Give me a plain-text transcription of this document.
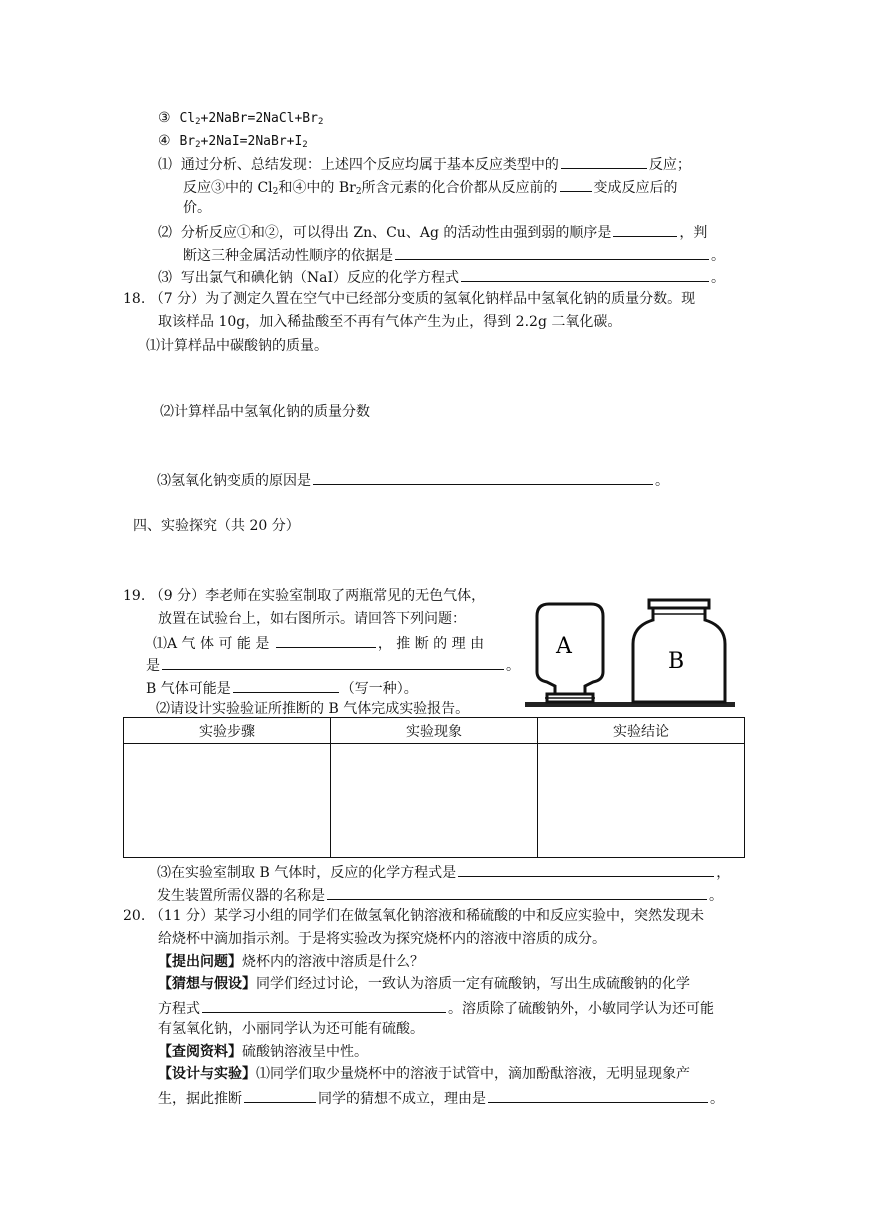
③ $Cl_2+2NaBr=2NaCl+Br_2$
④ $Br_2+2NaI=2NaBr+I_2$
⑴ 通过分析、总结发现：上述四个反应均属于基本反应类型中的	反应；
反应③中的 $Cl_2$和④中的 $Br_2$所含元素的化合价都从反应前的	变成反应后的
价。
⑵ 分析反应①和②，可以得出 Zn、Cu、Ag 的活动性由强到弱的顺序是	，判
断这三种金属活动性顺序的依据是	。
⑶ 写出氯气和碘化钠（NaI）反应的化学方程式	。
18. （7 分）为了测定久置在空气中已经部分变质的氢氧化钠样品中氢氧化钠的质量分数。现
取该样品 10g，加入稀盐酸至不再有气体产生为止，得到 2.2g 二氧化碳。
⑴计算样品中碳酸钠的质量。
⑵计算样品中氢氧化钠的质量分数
⑶氢氧化钠变质的原因是	。
四、实验探究（共 20 分）
19. （9 分）李老师在实验室制取了两瓶常见的无色气体，
放置在试验台上，如右图所示。请回答下列问题：
⑴A 气 体 可 能 是	， 推 断 的 理 由
是	。
B 气体可能是	（写一种）。
⑵请设计实验验证所推断的 B 气体完成实验报告。
A
B
实验步骤	实验现象	实验结论

⑶在实验室制取 B 气体时，反应的化学方程式是	，
发生装置所需仪器的名称是	。
20. （11 分）某学习小组的同学们在做氢氧化钠溶液和稀硫酸的中和反应实验中，突然发现未
给烧杯中滴加指示剂。于是将实验改为探究烧杯内的溶液中溶质的成分。
【提出问题】烧杯内的溶液中溶质是什么？
【猜想与假设】同学们经过讨论，一致认为溶质一定有硫酸钠，写出生成硫酸钠的化学
方程式	。溶质除了硫酸钠外，小敏同学认为还可能
有氢氧化钠，小丽同学认为还可能有硫酸。
【查阅资料】硫酸钠溶液呈中性。
【设计与实验】⑴同学们取少量烧杯中的溶液于试管中，滴加酚酞溶液，无明显现象产
生，据此推断	同学的猜想不成立，理由是	。
